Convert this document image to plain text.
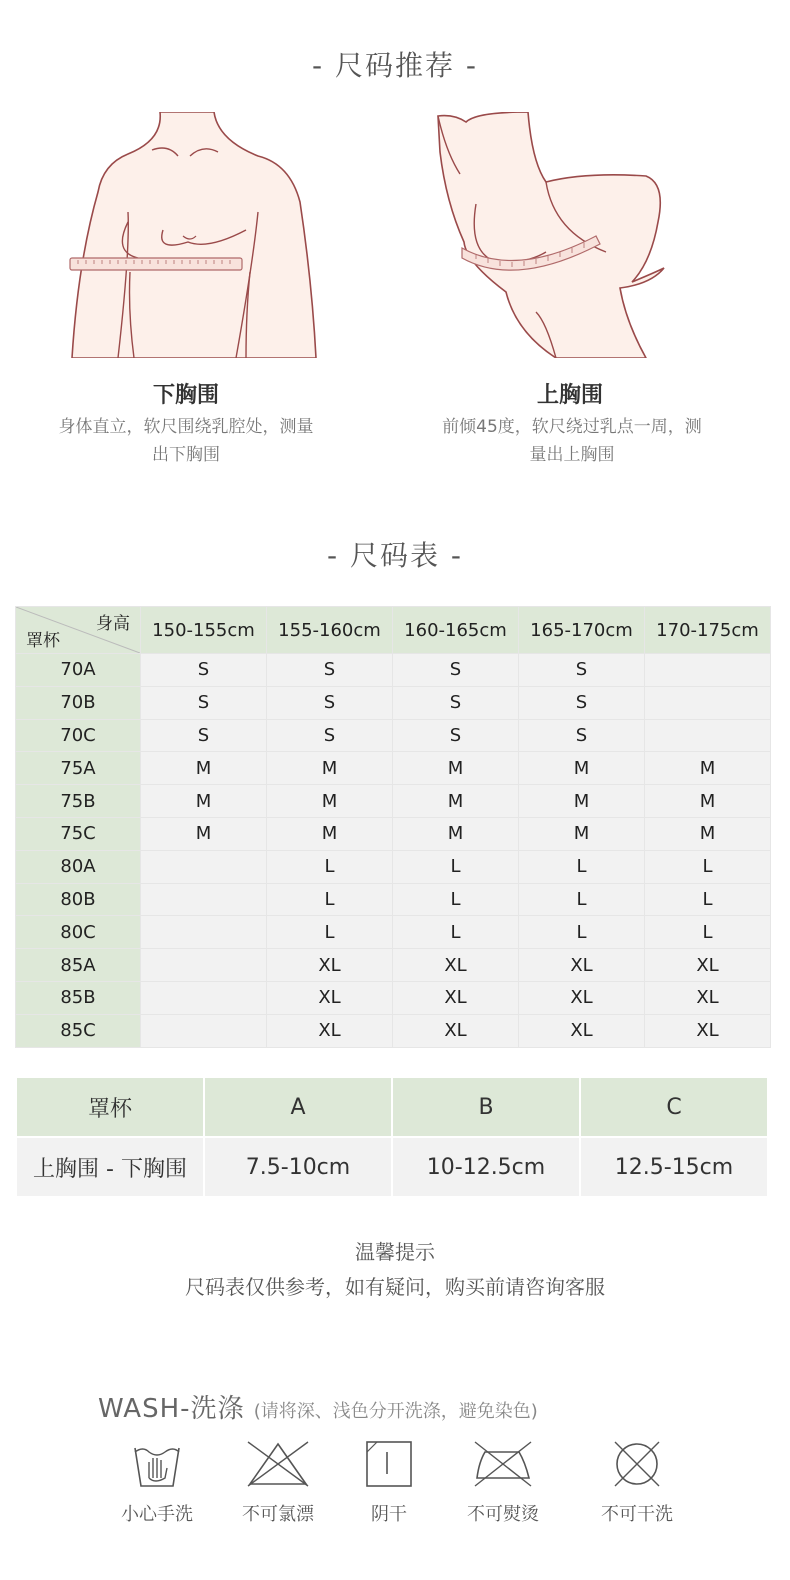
- 尺码推荐 -
下胸围
身体直立，软尺围绕乳腔处，测量
出下胸围
上胸围
前倾45度，软尺绕过乳点一周，测
量出上胸围
- 尺码表 -
身高
罩杯	150-155cm	155-160cm	160-165cm	165-170cm	170-175cm
70A	S	S	S	S	
70B	S	S	S	S	
70C	S	S	S	S	
75A	M	M	M	M	M
75B	M	M	M	M	M
75C	M	M	M	M	M
80A		L	L	L	L
80B		L	L	L	L
80C		L	L	L	L
85A		XL	XL	XL	XL
85B		XL	XL	XL	XL
85C		XL	XL	XL	XL
罩杯	A	B	C
上胸围 - 下胸围	7.5-10cm	10-12.5cm	12.5-15cm
温馨提示
尺码表仅供参考，如有疑问，购买前请咨询客服
WASH-洗涤 (请将深、浅色分开洗涤，避免染色)
小心手洗	不可氯漂	阴干	不可熨烫	不可干洗
